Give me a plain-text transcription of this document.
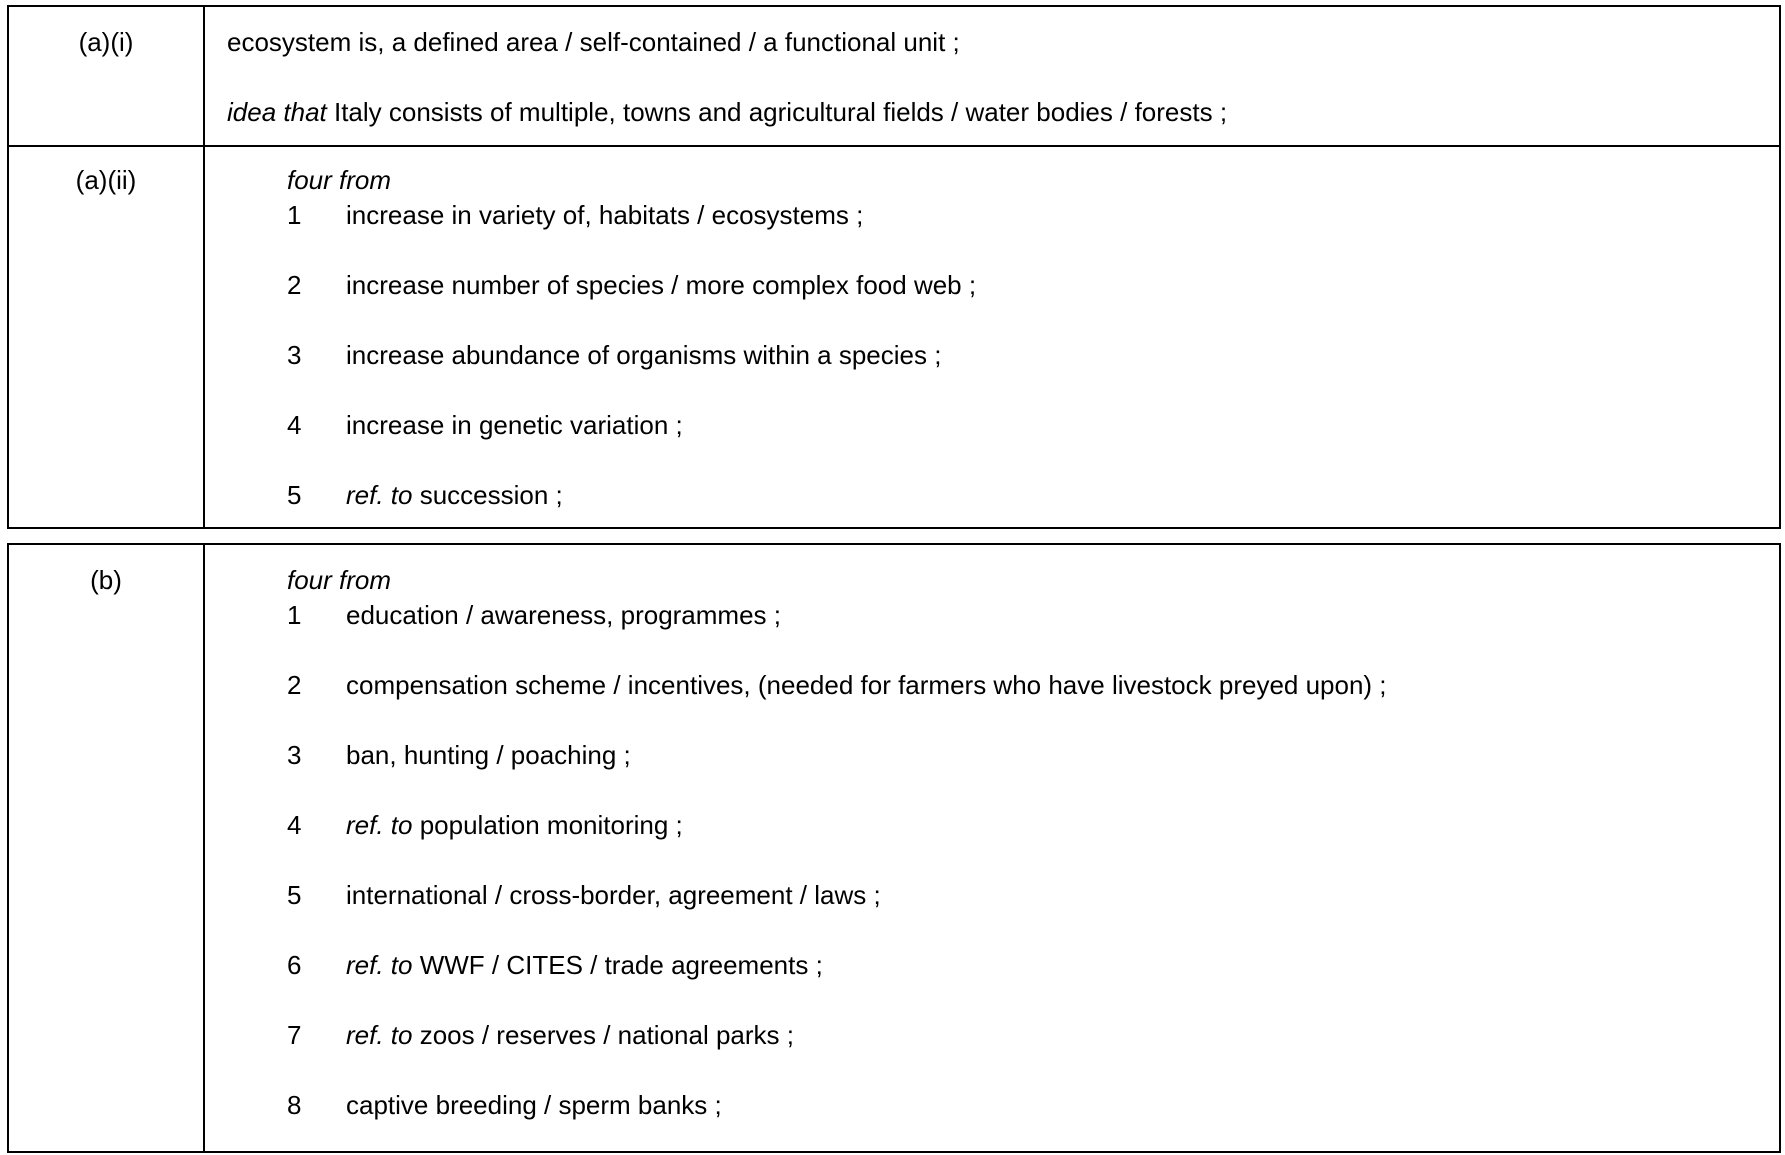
(a)(i)	ecosystem is, a defined area / self-contained / a functional unit ;
idea that Italy consists of multiple, towns and agricultural fields / water bodies / forests ;
(a)(ii)	four from
1 increase in variety of, habitats / ecosystems ;
2 increase number of species / more complex food web ;
3 increase abundance of organisms within a species ;
4 increase in genetic variation ;
5 ref. to succession ;
(b)	four from
1 education / awareness, programmes ;
2 compensation scheme / incentives, (needed for farmers who have livestock preyed upon) ;
3 ban, hunting / poaching ;
4 ref. to population monitoring ;
5 international / cross-border, agreement / laws ;
6 ref. to WWF / CITES / trade agreements ;
7 ref. to zoos / reserves / national parks ;
8 captive breeding / sperm banks ;
